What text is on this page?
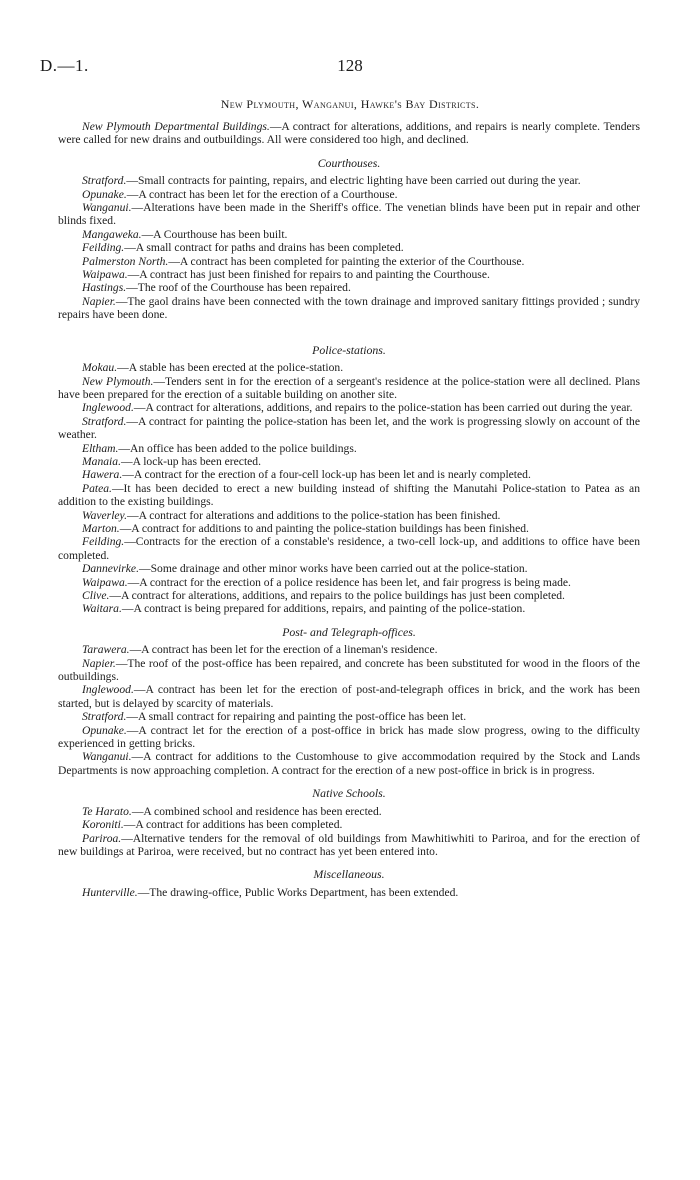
D.—1.	128
New Plymouth, Wanganui, Hawke's Bay Districts.

New Plymouth Departmental Buildings.—A contract for alterations, additions, and repairs is nearly complete. Tenders were called for new drains and outbuildings. All were considered too high, and declined.

Courthouses.

Stratford.—Small contracts for painting, repairs, and electric lighting have been carried out during the year.

Opunake.—A contract has been let for the erection of a Courthouse.

Wanganui.—Alterations have been made in the Sheriff's office. The venetian blinds have been put in repair and other blinds fixed.

Mangaweka.—A Courthouse has been built.

Feilding.—A small contract for paths and drains has been completed.

Palmerston North.—A contract has been completed for painting the exterior of the Courthouse.

Waipawa.—A contract has just been finished for repairs to and painting the Courthouse.

Hastings.—The roof of the Courthouse has been repaired.

Napier.—The gaol drains have been connected with the town drainage and improved sanitary fittings provided ; sundry repairs have been done.

Police-stations.

Mokau.—A stable has been erected at the police-station.

New Plymouth.—Tenders sent in for the erection of a sergeant's residence at the police-station were all declined. Plans have been prepared for the erection of a suitable building on another site.

Inglewood.—A contract for alterations, additions, and repairs to the police-station has been carried out during the year.

Stratford.—A contract for painting the police-station has been let, and the work is progressing slowly on account of the weather.

Eltham.—An office has been added to the police buildings.

Manaia.—A lock-up has been erected.

Hawera.—A contract for the erection of a four-cell lock-up has been let and is nearly completed.

Patea.—It has been decided to erect a new building instead of shifting the Manutahi Police-station to Patea as an addition to the existing buildings.

Waverley.—A contract for alterations and additions to the police-station has been finished.

Marton.—A contract for additions to and painting the police-station buildings has been finished.

Feilding.—Contracts for the erection of a constable's residence, a two-cell lock-up, and additions to office have been completed.

Dannevirke.—Some drainage and other minor works have been carried out at the police-station.

Waipawa.—A contract for the erection of a police residence has been let, and fair progress is being made.

Clive.—A contract for alterations, additions, and repairs to the police buildings has just been completed.

Waitara.—A contract is being prepared for additions, repairs, and painting of the police-station.

Post- and Telegraph-offices.

Tarawera.—A contract has been let for the erection of a lineman's residence.

Napier.—The roof of the post-office has been repaired, and concrete has been substituted for wood in the floors of the outbuildings.

Inglewood.—A contract has been let for the erection of post-and-telegraph offices in brick, and the work has been started, but is delayed by scarcity of materials.

Stratford.—A small contract for repairing and painting the post-office has been let.

Opunake.—A contract let for the erection of a post-office in brick has made slow progress, owing to the difficulty experienced in getting bricks.

Wanganui.—A contract for additions to the Customhouse to give accommodation required by the Stock and Lands Departments is now approaching completion. A contract for the erection of a new post-office in brick is in progress.

Native Schools.

Te Harato.—A combined school and residence has been erected.

Koroniti.—A contract for additions has been completed.

Pariroa.—Alternative tenders for the removal of old buildings from Mawhitiwhiti to Pariroa, and for the erection of new buildings at Pariroa, were received, but no contract has yet been entered into.

Miscellaneous.

Hunterville.—The drawing-office, Public Works Department, has been extended.
